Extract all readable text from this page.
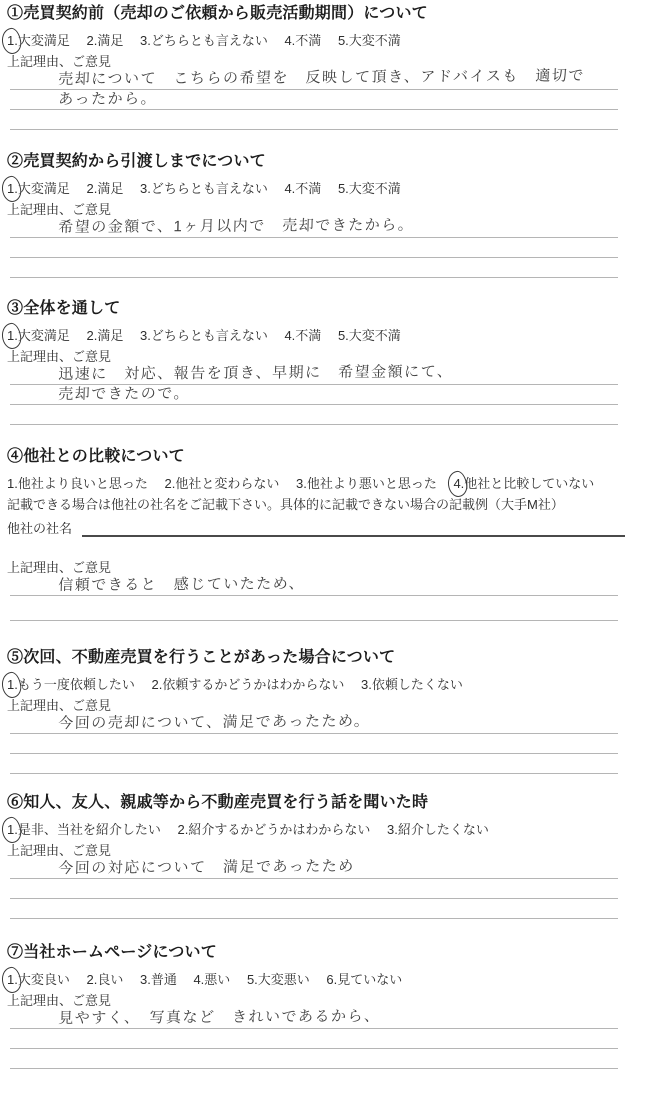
①売買契約前（売却のご依頼から販売活動期間）について
1.大変満足 2.満足 3.どちらとも言えない 4.不満 5.大変不満
上記理由、ご意見
売却について　こちらの希望を　反映して頂き、アドバイスも　適切で
あったから。
②売買契約から引渡しまでについて
1.大変満足 2.満足 3.どちらとも言えない 4.不満 5.大変不満
上記理由、ご意見
希望の金額で、1ヶ月以内で　売却できたから。
③全体を通して
1.大変満足 2.満足 3.どちらとも言えない 4.不満 5.大変不満
上記理由、ご意見
迅速に　対応、報告を頂き、早期に　希望金額にて、
売却できたので。
④他社との比較について
1.他社より良いと思った 2.他社と変わらない 3.他社より悪いと思った 4.他社と比較していない
記載できる場合は他社の社名をご記載下さい。具体的に記載できない場合の記載例（大手M社）
他社の社名
上記理由、ご意見
信頼できると　感じていたため、
⑤次回、不動産売買を行うことがあった場合について
1.もう一度依頼したい 2.依頼するかどうかはわからない 3.依頼したくない
上記理由、ご意見
今回の売却について、満足であったため。
⑥知人、友人、親戚等から不動産売買を行う話を聞いた時
1.是非、当社を紹介したい 2.紹介するかどうかはわからない 3.紹介したくない
上記理由、ご意見
今回の対応について　満足であったため
⑦当社ホームページについて
1.大変良い 2.良い 3.普通 4.悪い 5.大変悪い 6.見ていない
上記理由、ご意見
見やすく、　写真など　きれいであるから、
